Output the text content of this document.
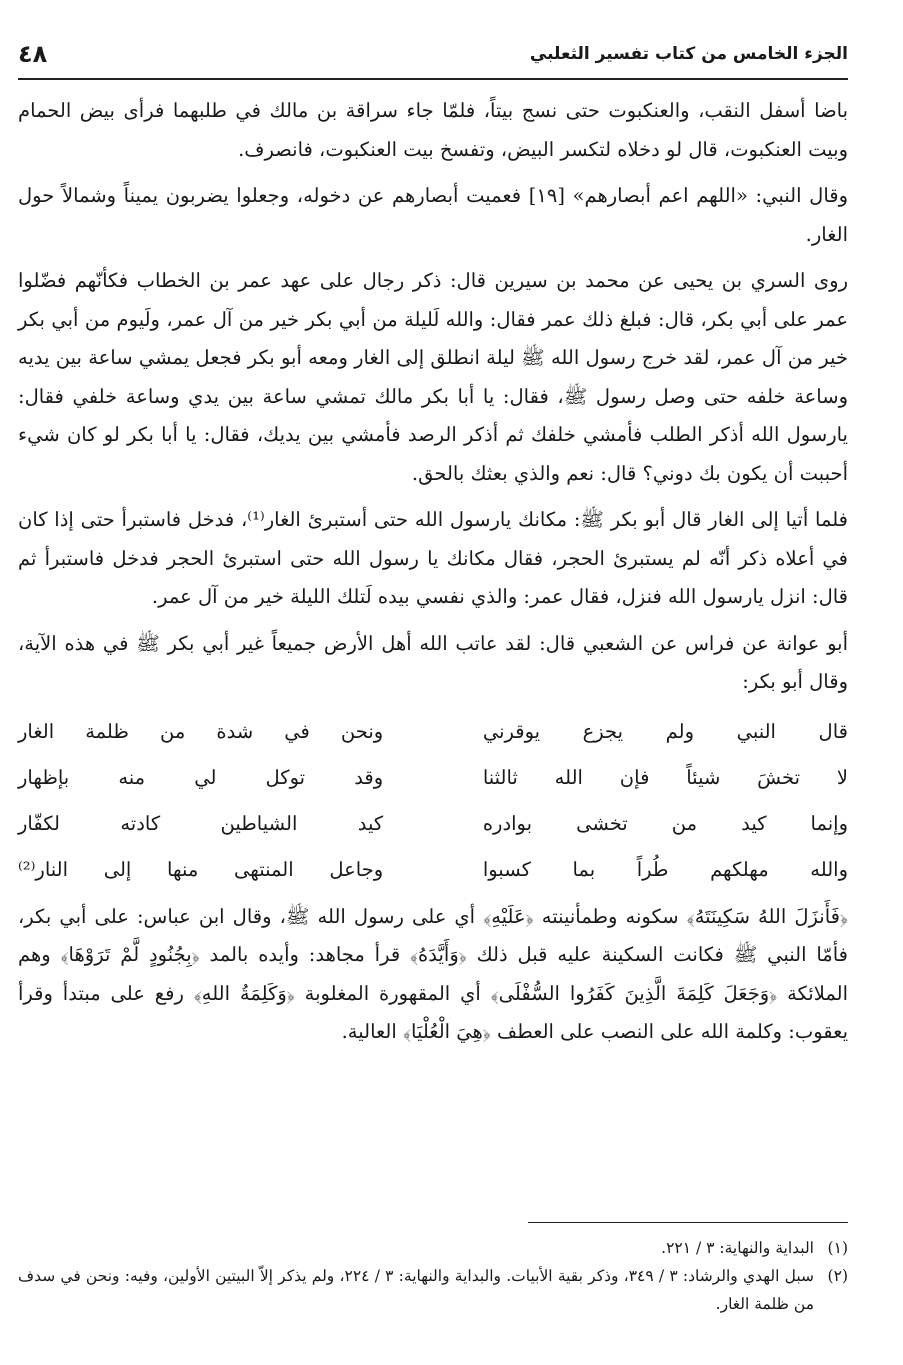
الجزء الخامس من كتاب تفسير الثعلبي
٤٨

باضا أسفل النقب، والعنكبوت حتى نسج بيتاً، فلمّا جاء سراقة بن مالك في طلبهما فرأى بيض الحمام وبيت العنكبوت، قال لو دخلاه لتكسر البيض، وتفسخ بيت العنكبوت، فانصرف.

وقال النبي: «اللهم اعم أبصارهم» [١٩] فعميت أبصارهم عن دخوله، وجعلوا يضربون يميناً وشمالاً حول الغار.

روى السري بن يحيى عن محمد بن سيرين قال: ذكر رجال على عهد عمر بن الخطاب فكأنّهم فضّلوا عمر على أبي بكر، قال: فبلغ ذلك عمر فقال: والله لَليلة من أبي بكر خير من آل عمر، ولَيوم من أبي بكر خير من آل عمر، لقد خرج رسول الله ﷺ ليلة انطلق إلى الغار ومعه أبو بكر فجعل يمشي ساعة بين يديه وساعة خلفه حتى وصل رسول ﷺ، فقال: يا أبا بكر مالك تمشي ساعة بين يدي وساعة خلفي فقال: يارسول الله أذكر الطلب فأمشي خلفك ثم أذكر الرصد فأمشي بين يديك، فقال: يا أبا بكر لو كان شيء أحببت أن يكون بك دوني؟ قال: نعم والذي بعثك بالحق.

فلما أتيا إلى الغار قال أبو بكر ﷺ: مكانك يارسول الله حتى أستبرئ الغار⁽¹⁾، فدخل فاستبرأ حتى إذا كان في أعلاه ذكر أنّه لم يستبرئ الحجر، فقال مكانك يا رسول الله حتى استبرئ الحجر فدخل فاستبرأ ثم قال: انزل يارسول الله فنزل، فقال عمر: والذي نفسي بيده لَتلك الليلة خير من آل عمر.

أبو عوانة عن فراس عن الشعبي قال: لقد عاتب الله أهل الأرض جميعاً غير أبي بكر ﷺ في هذه الآية، وقال أبو بكر:

قال النبي ولم يجزع يوقرني
ونحن في شدة من ظلمة الغار
لا تخشَ شيئاً فإن الله ثالثنا
وقد توكل لي منه بإظهار
وإنما كيد من تخشى بوادره
كيد الشياطين كادته لكفّار
والله مهلكهم طُراً بما كسبوا
وجاعل المنتهى منها إلى النار⁽²⁾

﴿فَأَنزَلَ اللهُ سَكِينَتَهُ﴾ سكونه وطمأنينته ﴿عَلَيْهِ﴾ أي على رسول الله ﷺ، وقال ابن عباس: على أبي بكر، فأمّا النبي ﷺ فكانت السكينة عليه قبل ذلك ﴿وَأَيَّدَهُ﴾ قرأ مجاهد: وأيده بالمد ﴿بِجُنُودٍ لَّمْ تَرَوْهَا﴾ وهم الملائكة ﴿وَجَعَلَ كَلِمَةَ الَّذِينَ كَفَرُوا السُّفْلَى﴾ أي المقهورة المغلوبة ﴿وَكَلِمَةُ اللهِ﴾ رفع على مبتدأ وقرأ يعقوب: وكلمة الله على النصب على العطف ﴿هِيَ الْعُلْيَا﴾ العالية.

(١)
البداية والنهاية: ٣ / ٢٢١.
(٢)
سبل الهدي والرشاد: ٣ / ٣٤٩، وذكر بقية الأبيات. والبداية والنهاية: ٣ / ٢٢٤، ولم يذكر إلاّ البيتين الأولين، وفيه: ونحن في سدف من ظلمة الغار.
